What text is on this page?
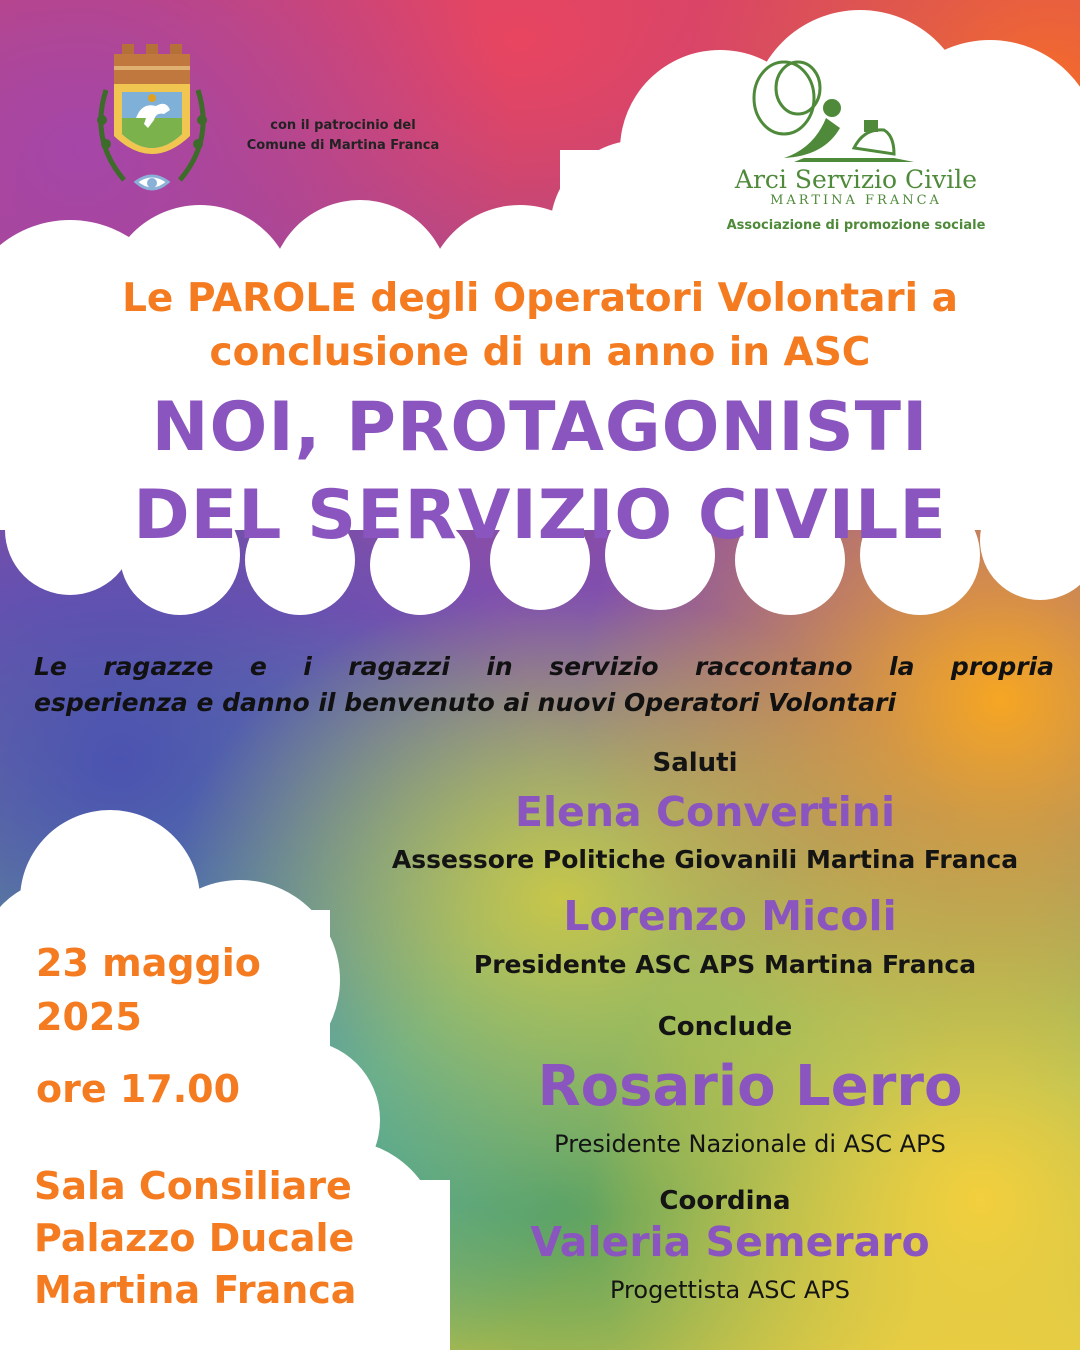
con il patrocinio del
Comune di Martina Franca

Arci Servizio Civile
MARTINA FRANCA
Associazione di promozione sociale

Le PAROLE degli Operatori Volontari a
conclusione di un anno in ASC

NOI, PROTAGONISTI
DEL SERVIZIO CIVILE
Le ragazze e i ragazzi in servizio raccontano la propria
esperienza e danno il benvenuto ai nuovi Operatori Volontari
Saluti
Elena Convertini
Assessore Politiche Giovanili Martina Franca
Lorenzo Micoli
Presidente ASC APS Martina Franca
Conclude
Rosario Lerro
Presidente Nazionale di ASC APS
Coordina
Valeria Semeraro
Progettista ASC APS

23 maggio
2025

ore 17.00

Sala Consiliare
Palazzo Ducale
Martina Franca
